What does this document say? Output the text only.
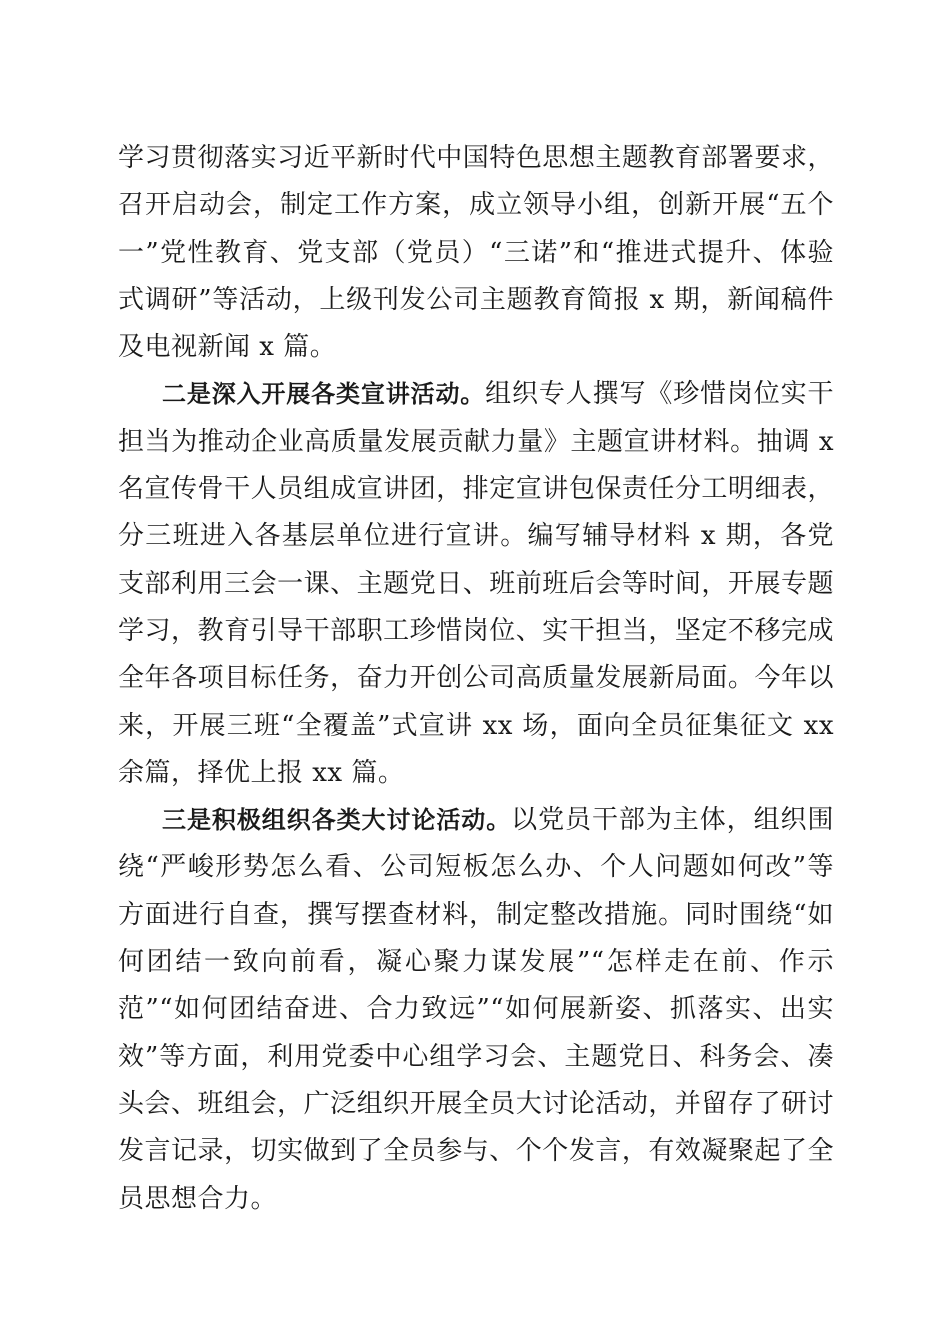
学习贯彻落实习近平新时代中国特色思想主题教育部署要求，召开启动会，制定工作方案，成立领导小组，创新开展“五个一”党性教育、党支部（党员）“三诺”和“推进式提升、体验式调研”等活动，上级刊发公司主题教育简报 x 期，新闻稿件及电视新闻 x 篇。

二是深入开展各类宣讲活动。组织专人撰写《珍惜岗位实干担当为推动企业高质量发展贡献力量》主题宣讲材料。抽调 x 名宣传骨干人员组成宣讲团，排定宣讲包保责任分工明细表，分三班进入各基层单位进行宣讲。编写辅导材料 x 期，各党支部利用三会一课、主题党日、班前班后会等时间，开展专题学习，教育引导干部职工珍惜岗位、实干担当，坚定不移完成全年各项目标任务，奋力开创公司高质量发展新局面。今年以来，开展三班“全覆盖”式宣讲 xx 场，面向全员征集征文 xx 余篇，择优上报 xx 篇。

三是积极组织各类大讨论活动。以党员干部为主体，组织围绕“严峻形势怎么看、公司短板怎么办、个人问题如何改”等方面进行自查，撰写摆查材料，制定整改措施。同时围绕“如何团结一致向前看，凝心聚力谋发展”“怎样走在前、作示范”“如何团结奋进、合力致远”“如何展新姿、抓落实、出实效”等方面，利用党委中心组学习会、主题党日、科务会、凑头会、班组会，广泛组织开展全员大讨论活动，并留存了研讨发言记录，切实做到了全员参与、个个发言，有效凝聚起了全员思想合力。
